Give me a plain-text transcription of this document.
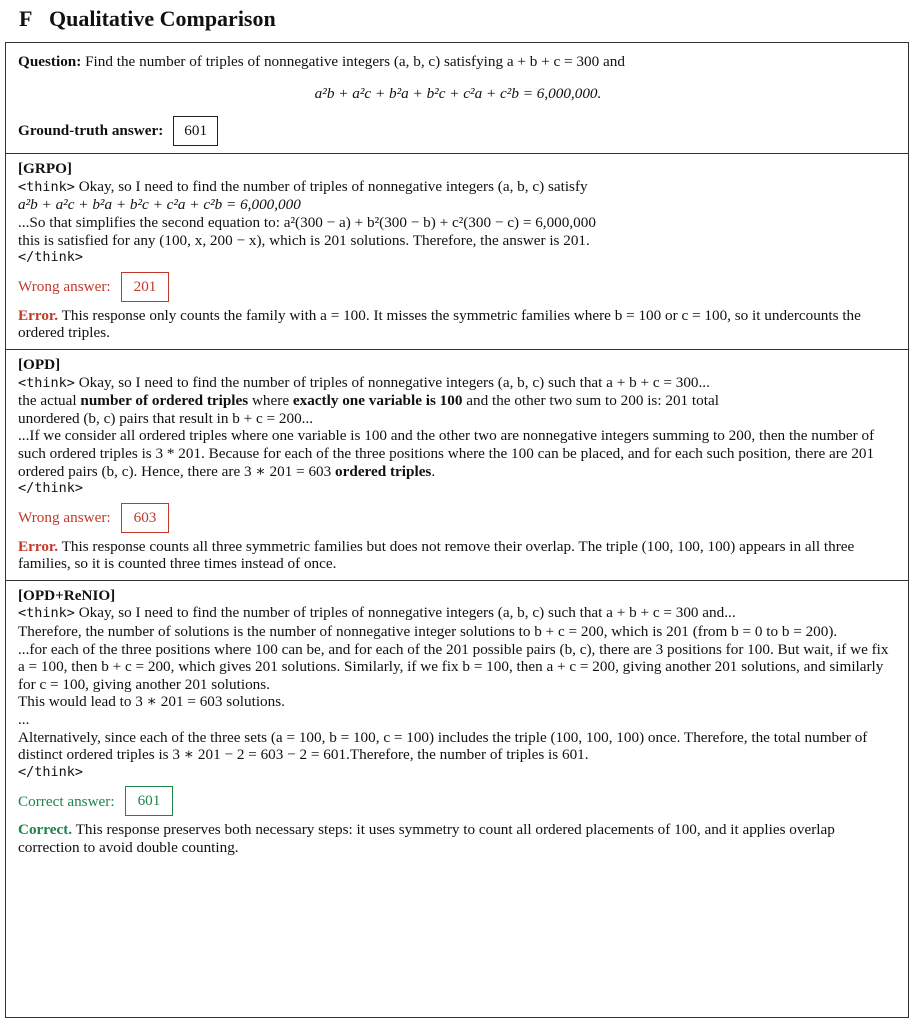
F Qualitative Comparison

Question: Find the number of triples of nonnegative integers (a, b, c) satisfying a + b + c = 300 and

a²b + a²c + b²a + b²c + c²a + c²b = 6,000,000.

Ground-truth answer:	601

[GRPO]

<think> Okay, so I need to find the number of triples of nonnegative integers (a, b, c) satisfy

a²b + a²c + b²a + b²c + c²a + c²b = 6,000,000

...So that simplifies the second equation to: a²(300 − a) + b²(300 − b) + c²(300 − c) = 6,000,000

this is satisfied for any (100, x, 200 − x), which is 201 solutions. Therefore, the answer is 201.

</think>

Wrong answer:	201

Error. This response only counts the family with a = 100. It misses the symmetric families where b = 100 or c = 100, so it undercounts the ordered triples.

[OPD]

<think> Okay, so I need to find the number of triples of nonnegative integers (a, b, c) such that a + b + c = 300...

the actual number of ordered triples where exactly one variable is 100 and the other two sum to 200 is: 201 total

unordered (b, c) pairs that result in b + c = 200...

...If we consider all ordered triples where one variable is 100 and the other two are nonnegative integers summing to 200, then the number of such ordered triples is 3 * 201. Because for each of the three positions where the 100 can be placed, and for each such position, there are 201 ordered pairs (b, c). Hence, there are 3 ∗ 201 = 603 ordered triples.

</think>

Wrong answer:	603

Error. This response counts all three symmetric families but does not remove their overlap. The triple (100, 100, 100) appears in all three families, so it is counted three times instead of once.

[OPD+ReNIO]

<think> Okay, so I need to find the number of triples of nonnegative integers (a, b, c) such that a + b + c = 300 and...

Therefore, the number of solutions is the number of nonnegative integer solutions to b + c = 200, which is 201 (from b = 0 to b = 200).

...for each of the three positions where 100 can be, and for each of the 201 possible pairs (b, c), there are 3 positions for 100. But wait, if we fix a = 100, then b + c = 200, which gives 201 solutions. Similarly, if we fix b = 100, then a + c = 200, giving another 201 solutions, and similarly for c = 100, giving another 201 solutions.

This would lead to 3 ∗ 201 = 603 solutions.

...

Alternatively, since each of the three sets (a = 100, b = 100, c = 100) includes the triple (100, 100, 100) once. Therefore, the total number of distinct ordered triples is 3 ∗ 201 − 2 = 603 − 2 = 601.Therefore, the number of triples is 601.

</think>

Correct answer:	601

Correct. This response preserves both necessary steps: it uses symmetry to count all ordered placements of 100, and it applies overlap correction to avoid double counting.
